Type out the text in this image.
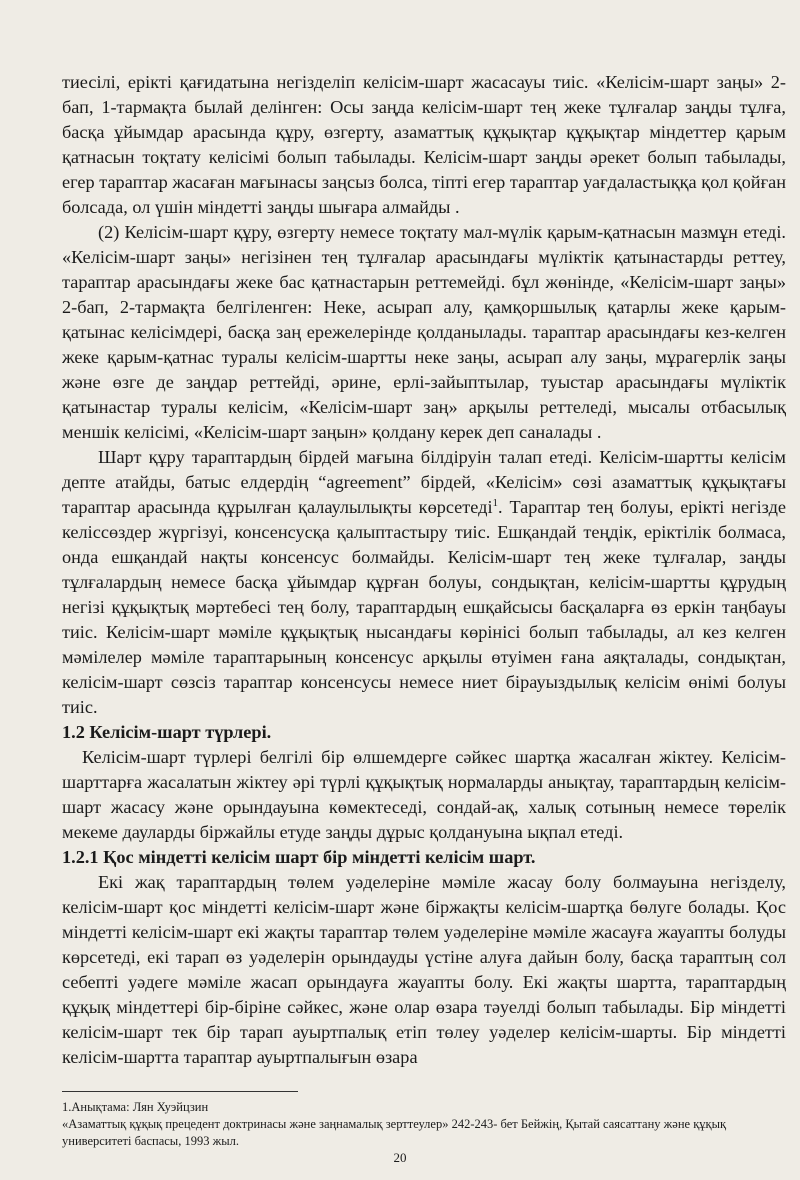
тиесілі, ерікті қағидатына негізделіп келісім-шарт жасасауы тиіс. «Келісім-шарт заңы» 2-бап, 1-тармақта былай делінген: Осы заңда келісім-шарт тең жеке тұлғалар заңды тұлға, басқа ұйымдар арасында құру, өзгерту, азаматтық құқықтар құқықтар міндеттер қарым қатнасын тоқтату келісімі болып табылады. Келісім-шарт заңды әрекет болып табылады, егер тараптар жасаған мағынасы заңсыз болса, тіпті егер тараптар уағдаластыққа қол қойған болсада, ол үшін міндетті заңды шығара алмайды .

(2) Келісім-шарт құру, өзгерту немесе тоқтату мал-мүлік қарым-қатнасын мазмұн етеді. «Келісім-шарт заңы» негізінен тең тұлғалар арасындағы мүліктік қатынастарды реттеу, тараптар арасындағы жеке бас қатнастарын реттемейді. бұл жөнінде, «Келісім-шарт заңы» 2-бап, 2-тармақта белгіленген: Неке, асырап алу, қамқоршылық қатарлы жеке қарым-қатынас келісімдері, басқа заң ережелерінде қолданылады. тараптар арасындағы кез-келген жеке қарым-қатнас туралы келісім-шартты неке заңы, асырап алу заңы, мұрагерлік заңы және өзге де заңдар реттейді, әрине, ерлі-зайыптылар, туыстар арасындағы мүліктік қатынастар туралы келісім, «Келісім-шарт заң» арқылы реттеледі, мысалы отбасылық меншік келісімі, «Келісім-шарт заңын» қолдану керек деп саналады .

Шарт құру тараптардың бірдей мағына білдіруін талап етеді. Келісім-шартты келісім депте атайды, батыс елдердің “agreement” бірдей, «Келісім» сөзі азаматтық құқықтағы тараптар арасында құрылған қалаулылықты көрсетеді$^1$. Тараптар тең болуы, ерікті негізде келіссөздер жүргізуі, консенсусқа қалыптастыру тиіс. Ешқандай теңдік, еріктілік болмаса, онда ешқандай нақты консенсус болмайды. Келісім-шарт тең жеке тұлғалар, заңды тұлғалардың немесе басқа ұйымдар құрған болуы, сондықтан, келісім-шартты құрудың негізі құқықтық мәртебесі тең болу, тараптардың ешқайсысы басқаларға өз еркін таңбауы тиіс. Келісім-шарт мәміле құқықтық нысандағы көрінісі болып табылады, ал кез келген мәмілелер мәміле тараптарының консенсус арқылы өтуімен ғана аяқталады, сондықтан, келісім-шарт сөзсіз тараптар консенсусы немесе ниет бірауыздылық келісім өнімі болуы тиіс.

1.2 Келісім-шарт түрлері.

Келісім-шарт түрлері белгілі бір өлшемдерге сәйкес шартқа жасалған жіктеу. Келісім-шарттарға жасалатын жіктеу әрі түрлі құқықтық нормаларды анықтау, тараптардың келісім-шарт жасасу және орындауына көмектеседі, сондай-ақ, халық сотының немесе төрелік мекеме дауларды біржайлы етуде заңды дұрыс қолдануына ықпал етеді.

1.2.1 Қос міндетті келісім шарт бір міндетті келісім шарт.

Екі жақ тараптардың төлем уәделеріне мәміле жасау болу болмауына негізделу, келісім-шарт қос міндетті келісім-шарт және біржақты келісім-шартқа бөлуге болады. Қос міндетті келісім-шарт екі жақты тараптар төлем уәделеріне мәміле жасауға жауапты болуды көрсетеді, екі тарап өз уәделерін орындауды үстіне алуға дайын болу, басқа тараптың сол себепті уәдеге мәміле жасап орындауға жауапты болу. Екі жақты шартта, тараптардың құқық міндеттері бір-біріне сәйкес, және олар өзара тәуелді болып табылады. Бір міндетті келісім-шарт тек бір тарап ауыртпалық етіп төлеу уәделер келісім-шарты. Бір міндетті келісім-шартта тараптар ауыртпалығын өзара

1.Анықтама: Лян Хуэйцзин

«Азаматтық құқық прецедент доктринасы және заңнамалық зерттеулер» 242-243- бет Бейжің, Қытай саясаттану және құқық университеті баспасы, 1993 жыл.

20
